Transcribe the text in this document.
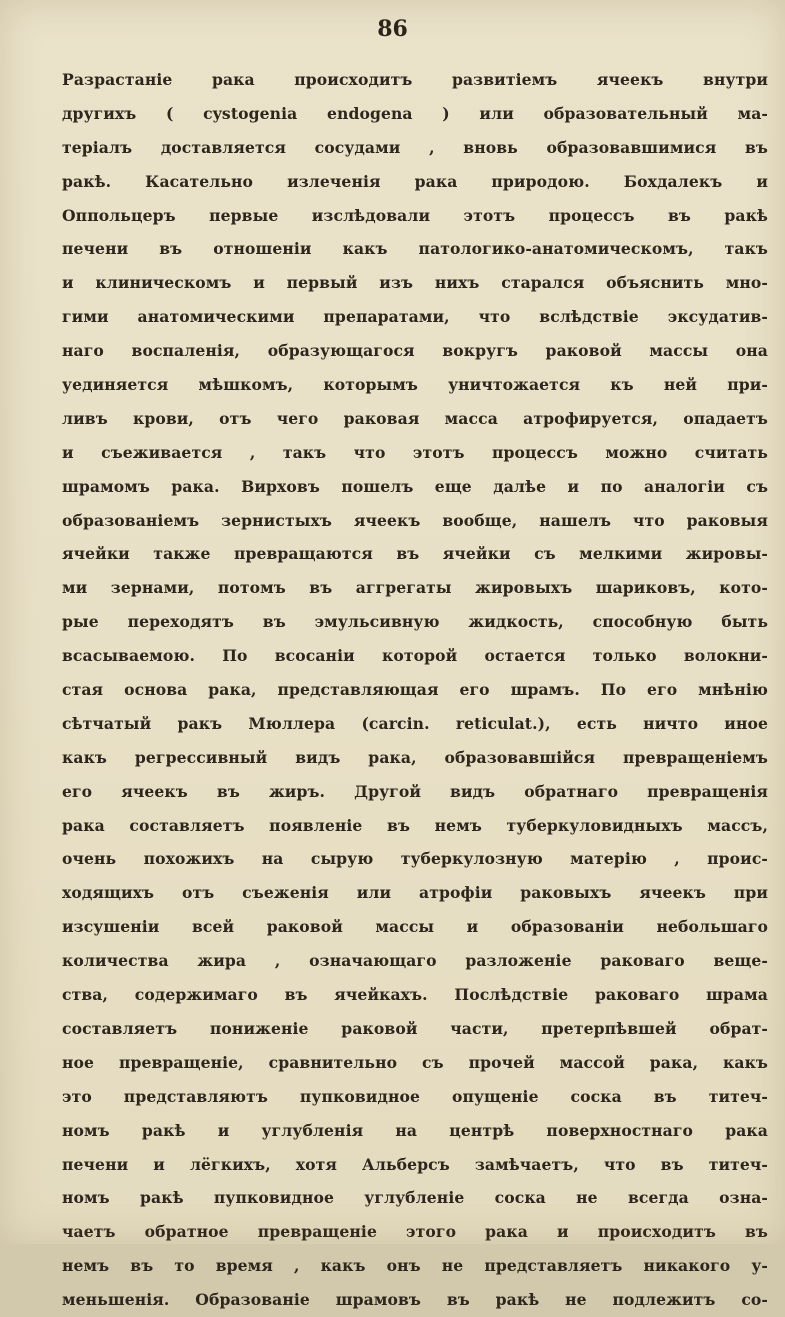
86
Разрастанiе рака происходитъ развитiемъ ячеекъ внутри
другихъ ( cystogenia endogena ) или образовательный ма-
терiалъ доставляется сосудами , вновь образовавшимися въ
ракѣ. Касательно излеченiя рака природою. Бохдалекъ и
Оппольцеръ первые изслѣдовали этотъ процессъ въ ракѣ
печени въ отношенiи какъ патологико-анатомическомъ, такъ
и клиническомъ и первый изъ нихъ старался объяснить мно-
гими анатомическими препаратами, что вслѣдствiе эксудатив-
наго воспаленiя, образующагося вокругъ раковой массы она
уединяется мѣшкомъ, которымъ уничтожается къ ней при-
ливъ крови, отъ чего раковая масса атрофируется, опадаетъ
и съеживается , такъ что этотъ процессъ можно считать
шрамомъ рака. Вирховъ пошелъ еще далѣе и по аналогiи съ
образованiемъ зернистыхъ ячеекъ вообще, нашелъ что раковыя
ячейки также превращаются въ ячейки съ мелкими жировы-
ми зернами, потомъ въ аггрегаты жировыхъ шариковъ, кото-
рые переходятъ въ эмульсивную жидкость, способную быть
всасываемою. По всосанiи которой остается только волокни-
стая основа рака, представляющая его шрамъ. По его мнѣнiю
сѣтчатый ракъ Мюллера (carcin. reticulat.), есть ничто иное
какъ регрессивный видъ рака, образовавшiйся превращенiемъ
его ячеекъ въ жиръ. Другой видъ обратнаго превращенiя
рака составляетъ появленiе въ немъ туберкуловидныхъ массъ,
очень похожихъ на сырую туберкулозную матерiю , проис-
ходящихъ отъ съеженiя или атрофiи раковыхъ ячеекъ при
изсушенiи всей раковой массы и образованiи небольшаго
количества жира , означающаго разложенiе раковаго веще-
ства, содержимаго въ ячейкахъ. Послѣдствiе раковаго шрама
составляетъ пониженiе раковой части, претерпѣвшей обрат-
ное превращенiе, сравнительно съ прочей массой рака, какъ
это представляютъ пупковидное опущенiе соска въ титеч-
номъ ракѣ и углубленiя на центрѣ поверхностнаго рака
печени и лёгкихъ, хотя Альберсъ замѣчаетъ, что въ титеч-
номъ ракѣ пупковидное углубленiе соска не всегда озна-
чаетъ обратное превращенiе этого рака и происходитъ въ
немъ въ то время , какъ онъ не представляетъ никакого у-
меньшенiя. Образованiе шрамовъ въ ракѣ не подлежитъ со-
